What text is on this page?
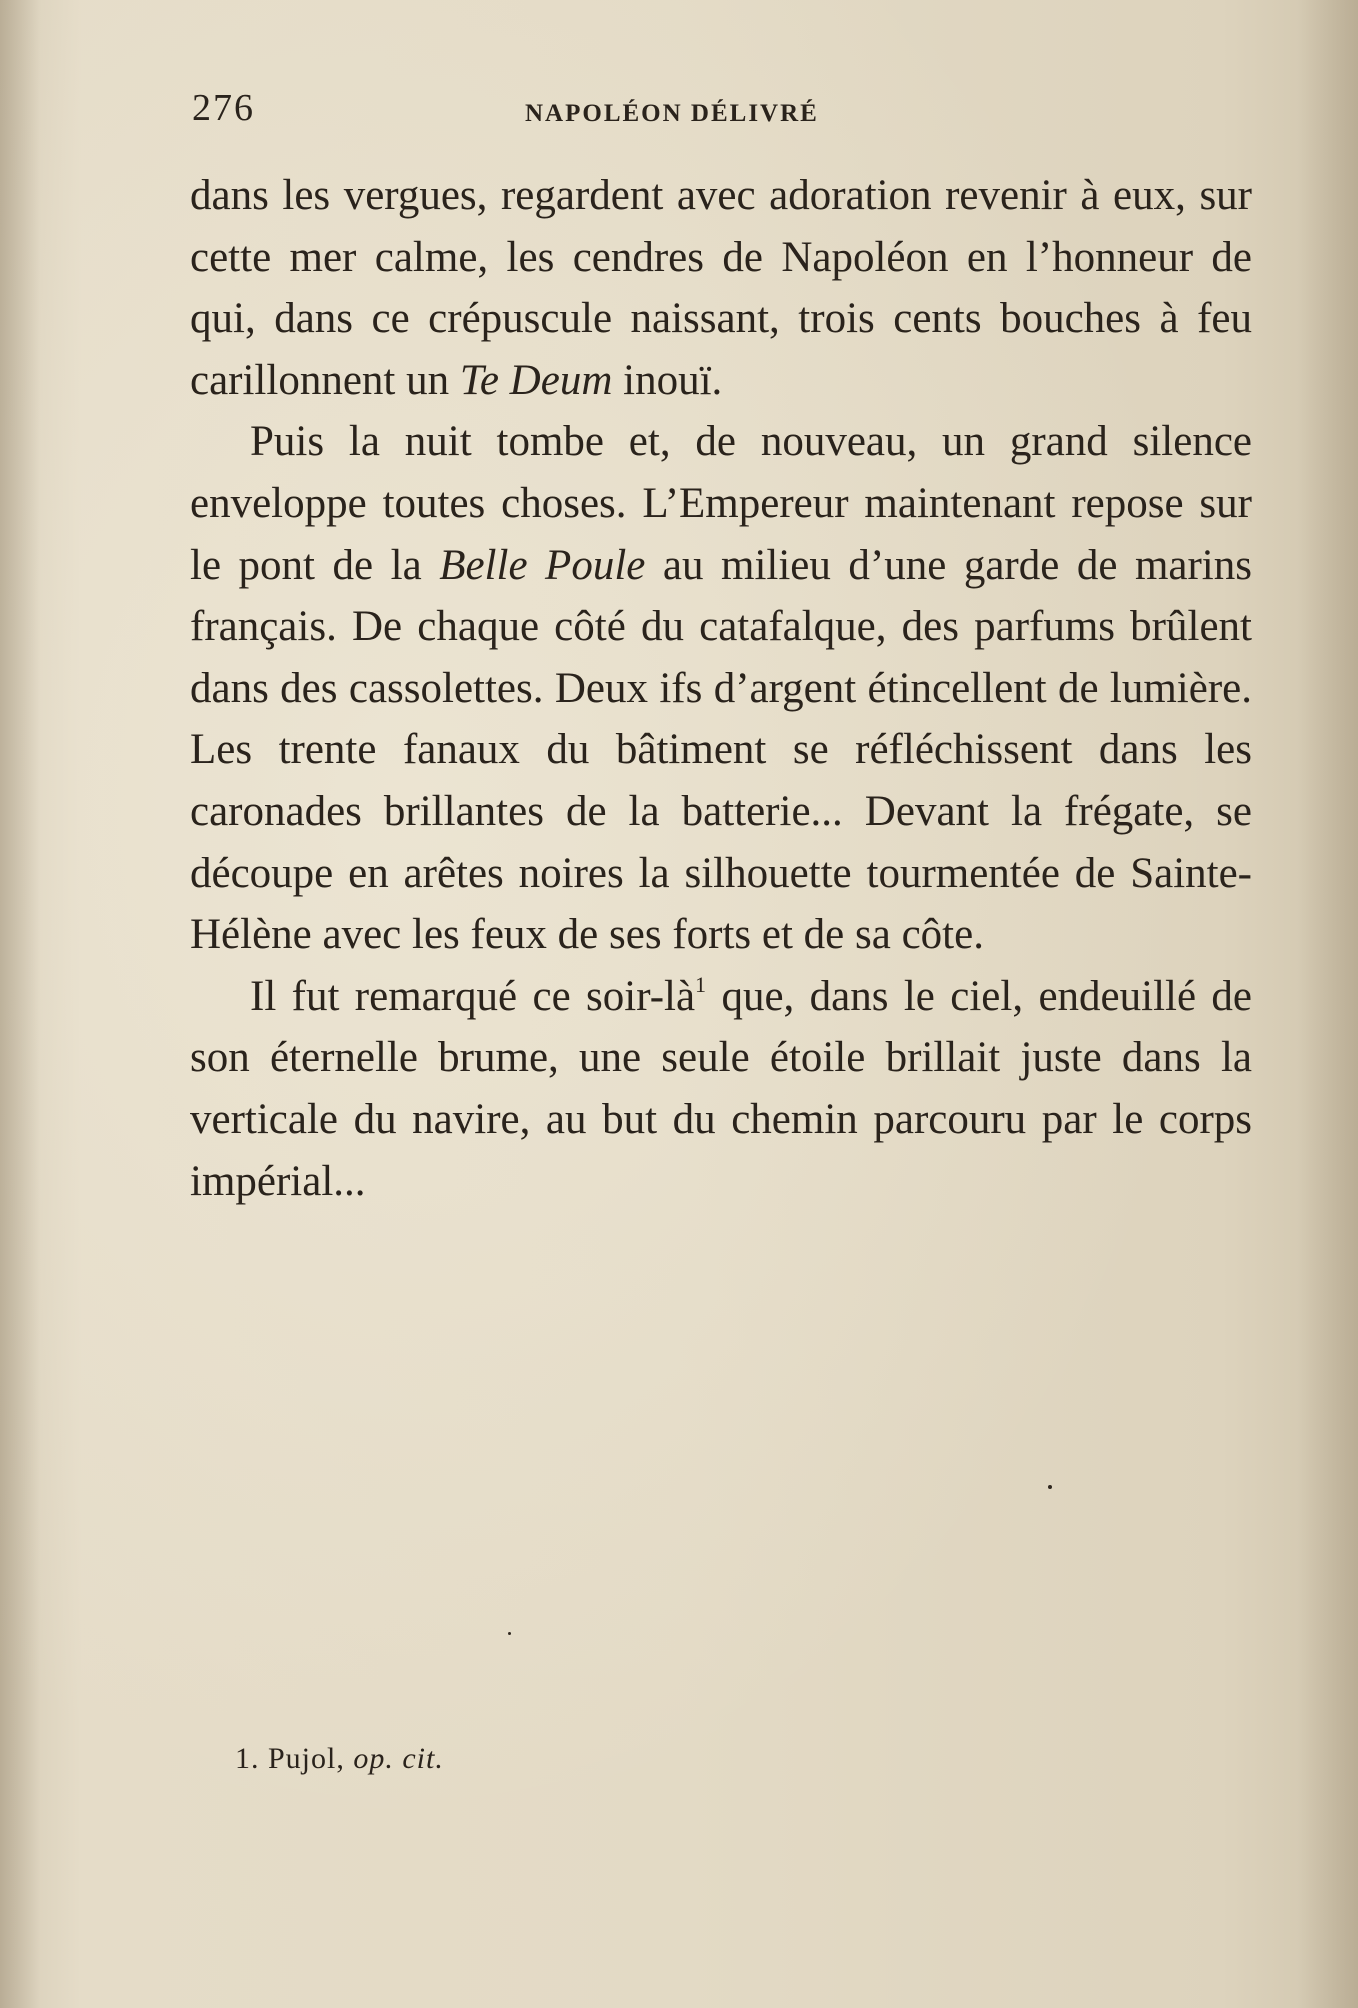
276	NAPOLÉON DÉLIVRÉ

dans les vergues, regardent avec adoration revenir à eux, sur cette mer calme, les cendres de Napoléon en l’honneur de qui, dans ce crépuscule naissant, trois cents bouches à feu carillonnent un Te Deum inouï.

Puis la nuit tombe et, de nouveau, un grand silence enveloppe toutes choses. L’Empereur maintenant repose sur le pont de la Belle Poule au milieu d’une garde de marins français. De chaque côté du catafalque, des parfums brûlent dans des cassolettes. Deux ifs d’argent étincellent de lumière. Les trente fanaux du bâtiment se réfléchissent dans les caronades brillantes de la batterie... Devant la frégate, se découpe en arêtes noires la silhouette tourmentée de Sainte-Hélène avec les feux de ses forts et de sa côte.

Il fut remarqué ce soir-là$^1$ que, dans le ciel, endeuillé de son éternelle brume, une seule étoile brillait juste dans la verticale du navire, au but du chemin parcouru par le corps impérial...

1. Pujol, op. cit.
